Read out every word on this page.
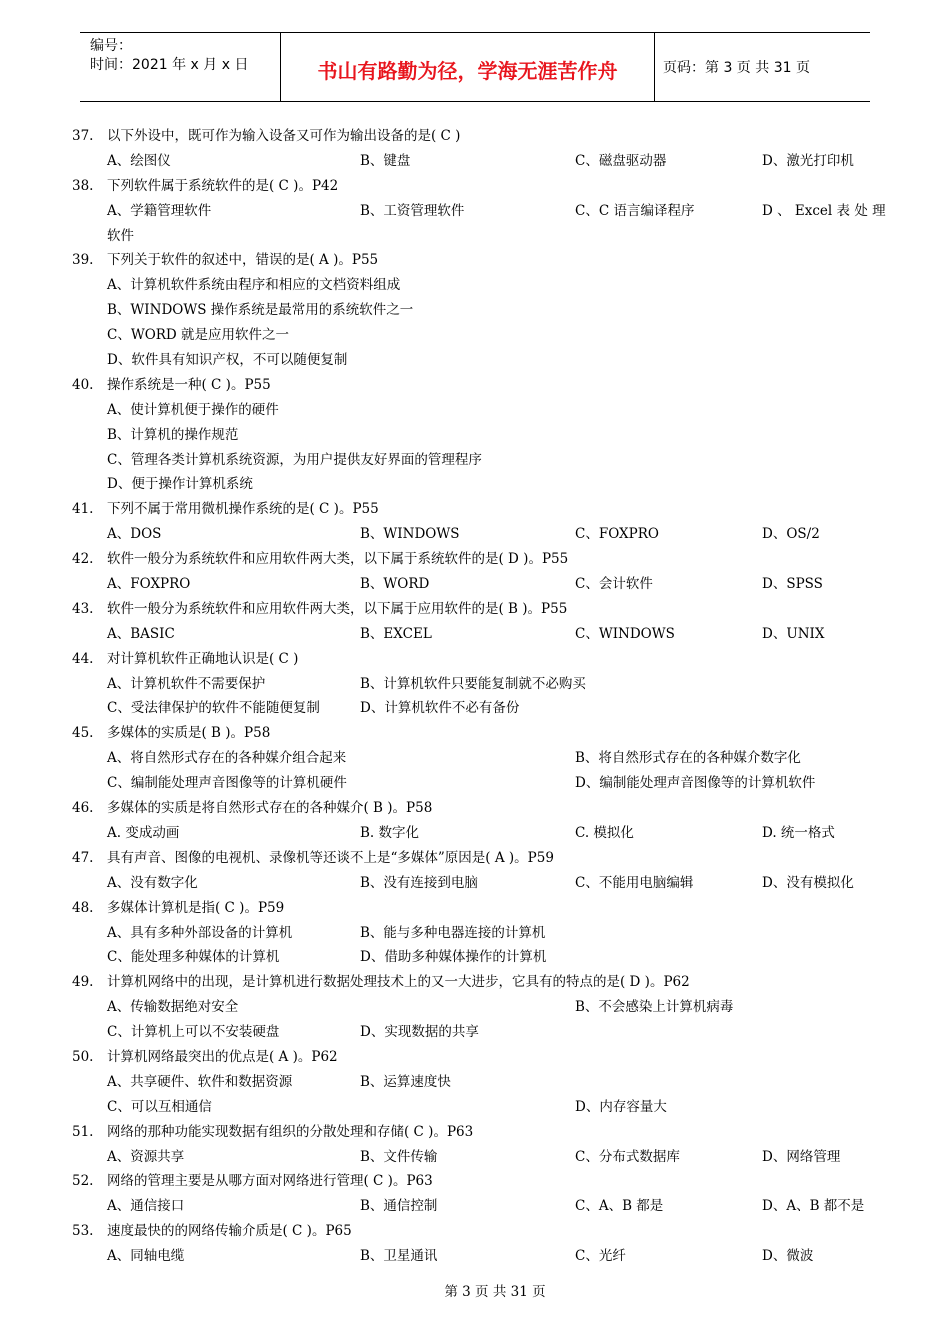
编号：
时间：2021 年 x 月 x 日	书山有路勤为径，学海无涯苦作舟	页码：第 3 页 共 31 页
37. 以下外设中，既可作为输入设备又可作为输出设备的是( C )
A、绘图仪	B、键盘	C、磁盘驱动器	D、激光打印机
38. 下列软件属于系统软件的是( C )。P42
A、学籍管理软件	B、工资管理软件	C、C 语言编译程序	D 、 Excel 表 处 理
软件
39. 下列关于软件的叙述中，错误的是( A )。P55
A、计算机软件系统由程序和相应的文档资料组成
B、WINDOWS 操作系统是最常用的系统软件之一
C、WORD 就是应用软件之一
D、软件具有知识产权，不可以随便复制
40. 操作系统是一种( C )。P55
A、使计算机便于操作的硬件
B、计算机的操作规范
C、管理各类计算机系统资源，为用户提供友好界面的管理程序
D、便于操作计算机系统
41. 下列不属于常用微机操作系统的是( C )。P55
A、DOS	B、WINDOWS	C、FOXPRO	D、OS/2
42. 软件一般分为系统软件和应用软件两大类，以下属于系统软件的是( D )。P55
A、FOXPRO	B、WORD	C、会计软件	D、SPSS
43. 软件一般分为系统软件和应用软件两大类，以下属于应用软件的是( B )。P55
A、BASIC	B、EXCEL	C、WINDOWS	D、UNIX
44. 对计算机软件正确地认识是( C )
A、计算机软件不需要保护	B、计算机软件只要能复制就不必购买
C、受法律保护的软件不能随便复制	D、计算机软件不必有备份
45. 多媒体的实质是( B )。P58
A、将自然形式存在的各种媒介组合起来	B、将自然形式存在的各种媒介数字化
C、编制能处理声音图像等的计算机硬件	D、编制能处理声音图像等的计算机软件
46. 多媒体的实质是将自然形式存在的各种媒介( B )。P58
A. 变成动画	B. 数字化	C. 模拟化	D. 统一格式
47. 具有声音、图像的电视机、录像机等还谈不上是“多媒体”原因是( A )。P59
A、没有数字化	B、没有连接到电脑	C、不能用电脑编辑	D、没有模拟化
48. 多媒体计算机是指( C )。P59
A、具有多种外部设备的计算机	B、能与多种电器连接的计算机
C、能处理多种媒体的计算机	D、借助多种媒体操作的计算机
49. 计算机网络中的出现，是计算机进行数据处理技术上的又一大进步，它具有的特点的是( D )。P62
A、传输数据绝对安全	B、不会感染上计算机病毒
C、计算机上可以不安装硬盘	D、实现数据的共享
50. 计算机网络最突出的优点是( A )。P62
A、共享硬件、软件和数据资源	B、运算速度快
C、可以互相通信	D、内存容量大
51. 网络的那种功能实现数据有组织的分散处理和存储( C )。P63
A、资源共享	B、文件传输	C、分布式数据库	D、网络管理
52. 网络的管理主要是从哪方面对网络进行管理( C )。P63
A、通信接口	B、通信控制	C、A、B 都是	D、A、B 都不是
53. 速度最快的的网络传输介质是( C )。P65
A、同轴电缆	B、卫星通讯	C、光纤	D、微波
第 3 页 共 31 页
